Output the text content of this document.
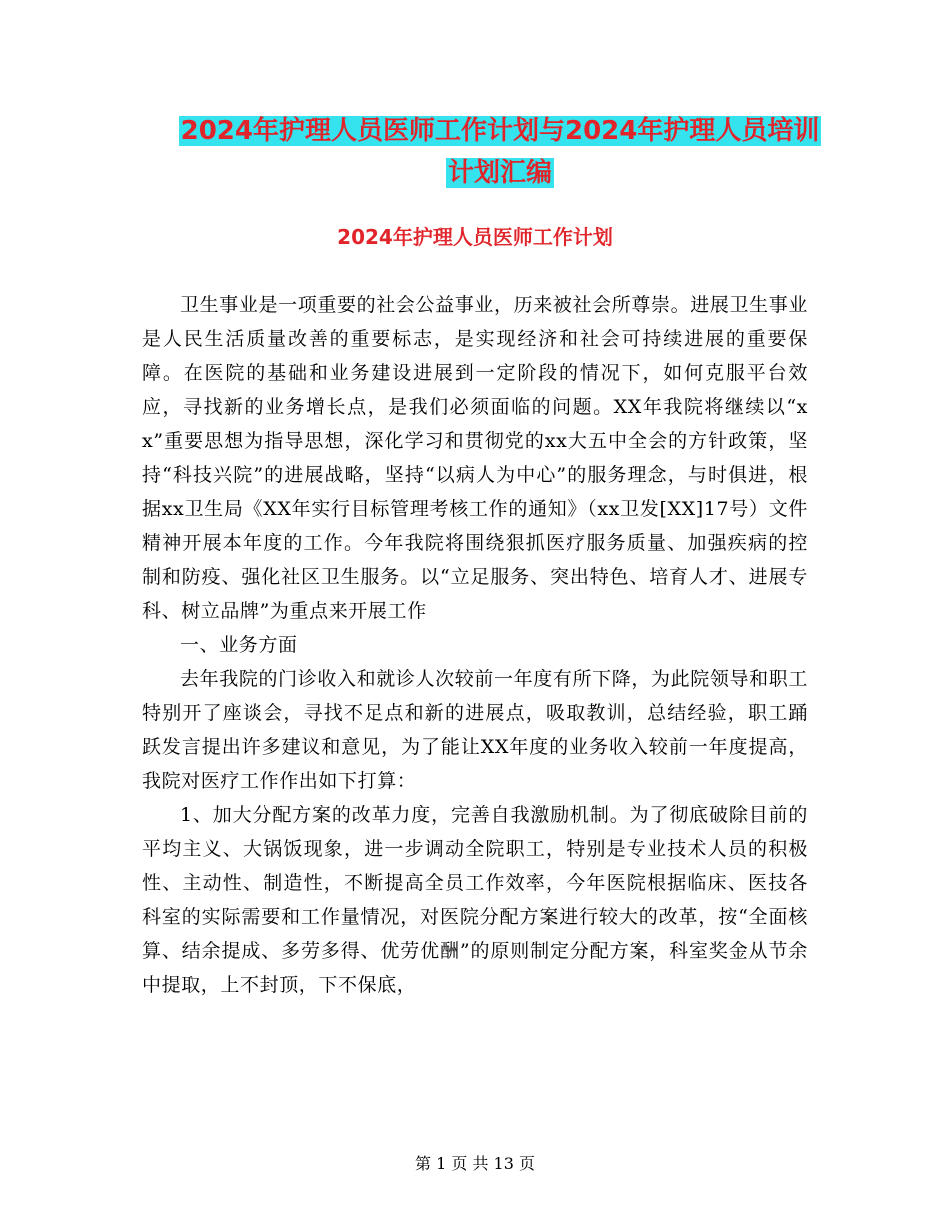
2024年护理人员医师工作计划与2024年护理人员培训
计划汇编
2024年护理人员医师工作计划

卫生事业是一项重要的社会公益事业，历来被社会所尊崇。进展卫生事业是人民生活质量改善的重要标志，是实现经济和社会可持续进展的重要保障。在医院的基础和业务建设进展到一定阶段的情况下，如何克服平台效应，寻找新的业务增长点，是我们必须面临的问题。XX年我院将继续以“xx”重要思想为指导思想，深化学习和贯彻党的xx大五中全会的方针政策，坚持“科技兴院”的进展战略，坚持“以病人为中心”的服务理念，与时俱进，根据xx卫生局《XX年实行目标管理考核工作的通知》（xx卫发[XX]17号）文件精神开展本年度的工作。今年我院将围绕狠抓医疗服务质量、加强疾病的控制和防疫、强化社区卫生服务。以“立足服务、突出特色、培育人才、进展专科、树立品牌”为重点来开展工作

一、业务方面

去年我院的门诊收入和就诊人次较前一年度有所下降，为此院领导和职工特别开了座谈会，寻找不足点和新的进展点，吸取教训，总结经验，职工踊跃发言提出许多建议和意见，为了能让XX年度的业务收入较前一年度提高，我院对医疗工作作出如下打算：

1、加大分配方案的改革力度，完善自我激励机制。为了彻底破除目前的平均主义、大锅饭现象，进一步调动全院职工，特别是专业技术人员的积极性、主动性、制造性，不断提高全员工作效率，今年医院根据临床、医技各科室的实际需要和工作量情况，对医院分配方案进行较大的改革，按“全面核算、结余提成、多劳多得、优劳优酬”的原则制定分配方案，科室奖金从节余中提取，上不封顶，下不保底，

第 1 页 共 13 页
